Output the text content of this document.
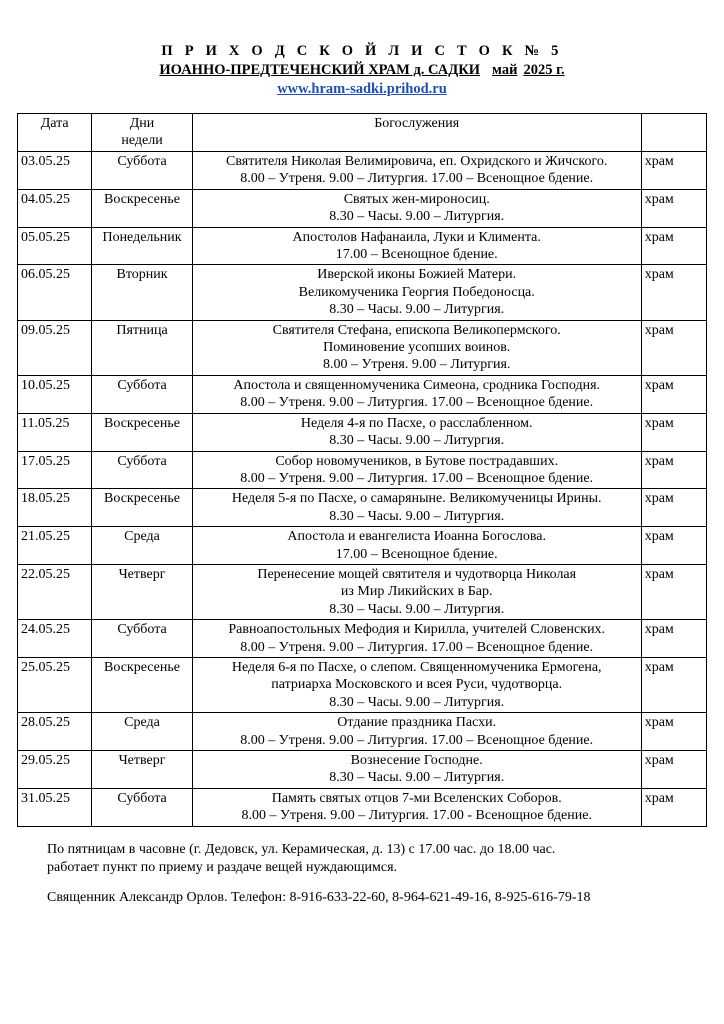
П Р И Х О Д С К О Й Л И С Т О К № 5
ИОАННО-ПРЕДТЕЧЕНСКИЙ ХРАМ д. САДКИ май 2025 г.
www.hram-sadki.prihod.ru
Дата	Дни
недели	Богослужения	
03.05.25	Суббота	Святителя Николая Велимировича, еп. Охридского и Жичского.
8.00 – Утреня. 9.00 – Литургия. 17.00 – Всенощное бдение.	храм
04.05.25	Воскресенье	Святых жен-мироносиц.
8.30 – Часы. 9.00 – Литургия.	храм
05.05.25	Понедельник	Апостолов Нафанаила, Луки и Климента.
17.00 – Всенощное бдение.	храм
06.05.25	Вторник	Иверской иконы Божией Матери.
Великомученика Георгия Победоносца.
8.30 – Часы. 9.00 – Литургия.	храм
09.05.25	Пятница	Святителя Стефана, епископа Великопермского.
Поминовение усопших воинов.
8.00 – Утреня. 9.00 – Литургия.	храм
10.05.25	Суббота	Апостола и священномученика Симеона, сродника Господня.
8.00 – Утреня. 9.00 – Литургия. 17.00 – Всенощное бдение.	храм
11.05.25	Воскресенье	Неделя 4-я по Пасхе, о расслабленном.
8.30 – Часы. 9.00 – Литургия.	храм
17.05.25	Суббота	Собор новомучеников, в Бутове пострадавших.
8.00 – Утреня. 9.00 – Литургия. 17.00 – Всенощное бдение.	храм
18.05.25	Воскресенье	Неделя 5-я по Пасхе, о самаряныне. Великомученицы Ирины.
8.30 – Часы. 9.00 – Литургия.	храм
21.05.25	Среда	Апостола и евангелиста Иоанна Богослова.
17.00 – Всенощное бдение.	храм
22.05.25	Четверг	Перенесение мощей святителя и чудотворца Николая
из Мир Ликийских в Бар.
8.30 – Часы. 9.00 – Литургия.	храм
24.05.25	Суббота	Равноапостольных Мефодия и Кирилла, учителей Словенских.
8.00 – Утреня. 9.00 – Литургия. 17.00 – Всенощное бдение.	храм
25.05.25	Воскресенье	Неделя 6-я по Пасхе, о слепом. Священномученика Ермогена,
патриарха Московского и всея Руси, чудотворца.
8.30 – Часы. 9.00 – Литургия.	храм
28.05.25	Среда	Отдание праздника Пасхи.
8.00 – Утреня. 9.00 – Литургия. 17.00 – Всенощное бдение.	храм
29.05.25	Четверг	Вознесение Господне.
8.30 – Часы. 9.00 – Литургия.	храм
31.05.25	Суббота	Память святых отцов 7-ми Вселенских Соборов.
8.00 – Утреня. 9.00 – Литургия. 17.00 - Всенощное бдение.	храм
По пятницам в часовне (г. Дедовск, ул. Керамическая, д. 13) с 17.00 час. до 18.00 час.
работает пункт по приему и раздаче вещей нуждающимся.
Священник Александр Орлов. Телефон: 8-916-633-22-60, 8-964-621-49-16, 8-925-616-79-18
